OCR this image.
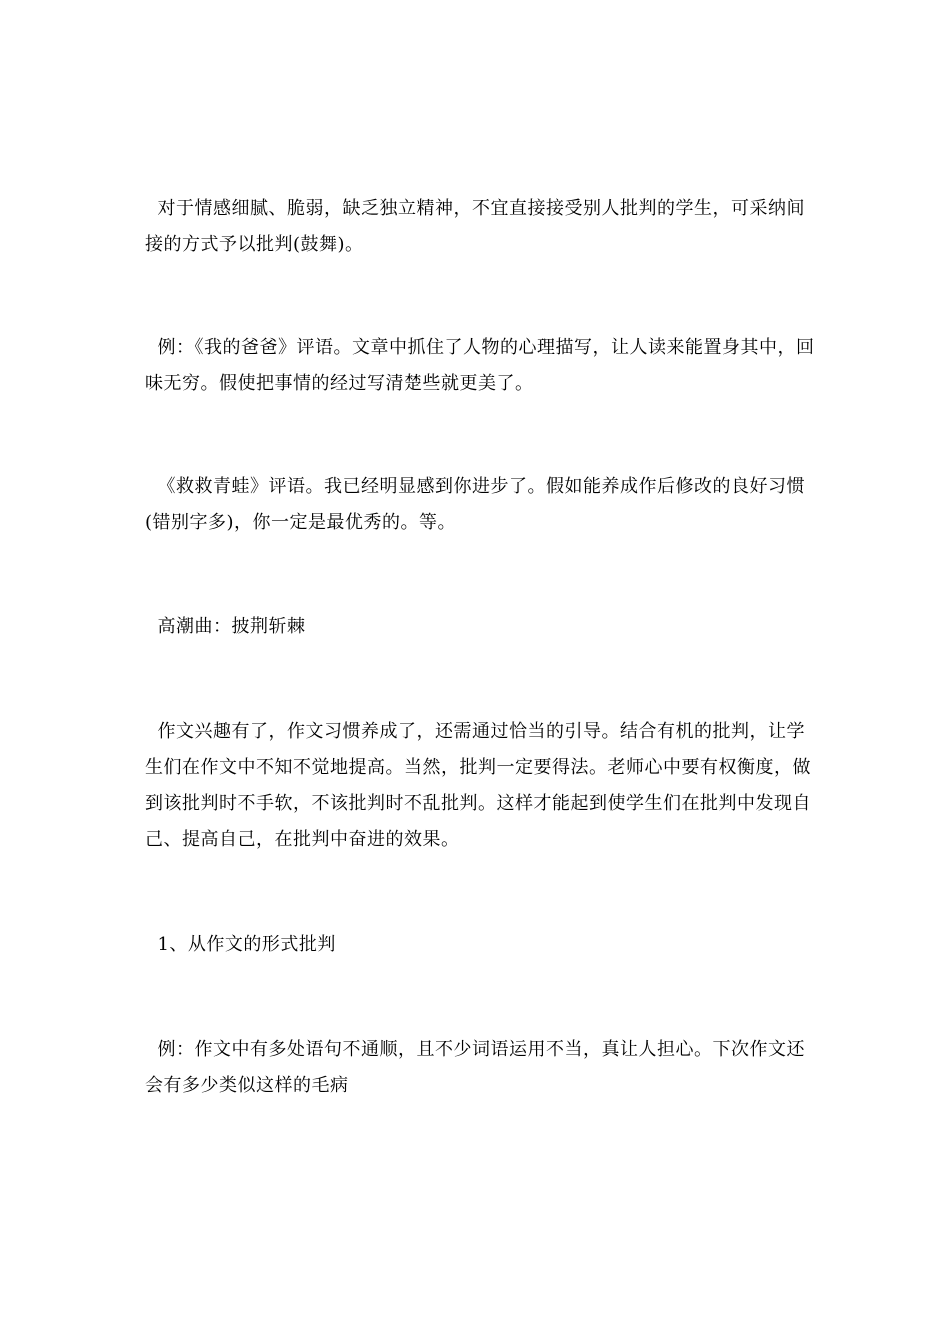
对于情感细腻、脆弱，缺乏独立精神，不宜直接接受别人批判的学生，可采纳间接的方式予以批判(鼓舞)。

例：《我的爸爸》评语。文章中抓住了人物的心理描写，让人读来能置身其中，回味无穷。假使把事情的经过写清楚些就更美了。

《救救青蛙》评语。我已经明显感到你进步了。假如能养成作后修改的良好习惯(错别字多)，你一定是最优秀的。等。

高潮曲：披荆斩棘

作文兴趣有了，作文习惯养成了，还需通过恰当的引导。结合有机的批判，让学生们在作文中不知不觉地提高。当然，批判一定要得法。老师心中要有权衡度，做到该批判时不手软，不该批判时不乱批判。这样才能起到使学生们在批判中发现自己、提高自己，在批判中奋进的效果。

1、从作文的形式批判

例：作文中有多处语句不通顺，且不少词语运用不当，真让人担心。下次作文还会有多少类似这样的毛病
